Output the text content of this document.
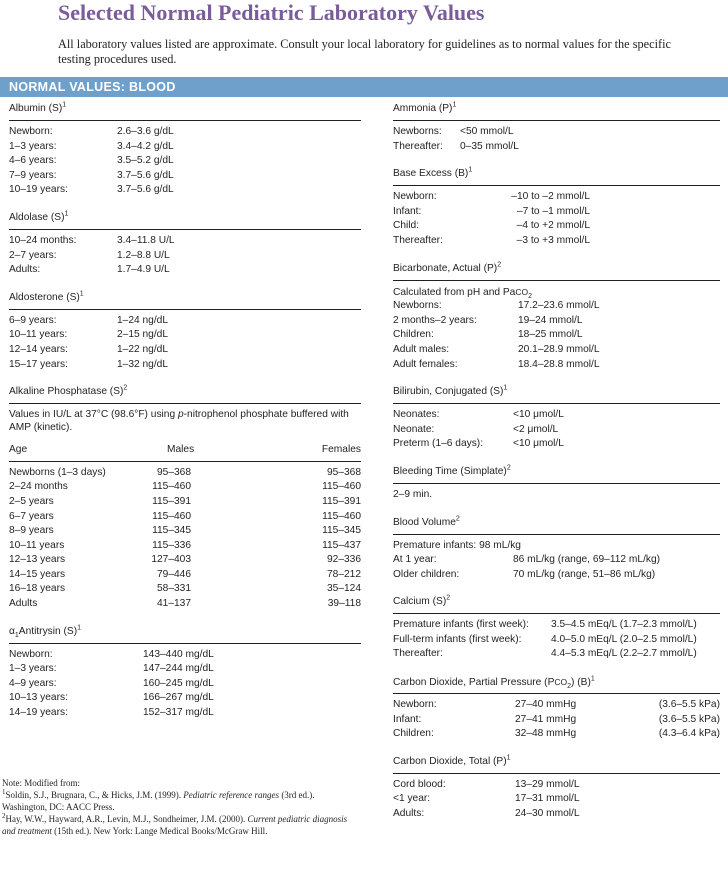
Selected Normal Pediatric Laboratory Values
All laboratory values listed are approximate. Consult your local laboratory for guidelines as to normal values for the specific testing procedures used.
NORMAL VALUES: BLOOD
Albumin $(S)^1$
Newborn:	2.6–3.6 g/dL
1–3 years:	3.4–4.2 g/dL
4–6 years:	3.5–5.2 g/dL
7–9 years:	3.7–5.6 g/dL
10–19 years:	3.7–5.6 g/dL
Aldolase $(S)^1$
10–24 months:	3.4–11.8 U/L
2–7 years:	1.2–8.8 U/L
Adults:	1.7–4.9 U/L
Aldosterone $(S)^1$
6–9 years:	1–24 ng/dL
10–11 years:	2–15 ng/dL
12–14 years:	1–22 ng/dL
15–17 years:	1–32 ng/dL
Alkaline Phosphatase $(S)^2$
Values in IU/L at 37°C (98.6°F) using p-nitrophenol phosphate buffered with AMP (kinetic).
Age	Males	Females
Newborns (1–3 days)	95–368	95–368
2–24 months	115–460	115–460
2–5 years	115–391	115–391
6–7 years	115–460	115–460
8–9 years	115–345	115–345
10–11 years	115–336	115–437
12–13 years	127–403	92–336
14–15 years	79–446	78–212
16–18 years	58–331	35–124
Adults	41–137	39–118
$\alpha_1Antitrysin$ $(S)^1$
Newborn:	143–440 mg/dL
1–3 years:	147–244 mg/dL
4–9 years:	160–245 mg/dL
10–13 years:	166–267 mg/dL
14–19 years:	152–317 mg/dL
Note: Modified from:
$^1$Soldin, S.J., Brugnara, C., & Hicks, J.M. (1999). Pediatric reference ranges (3rd ed.). Washington, DC: AACC Press.
$^2$Hay, W.W., Hayward, A.R., Levin, M.J., Sondheimer, J.M. (2000). Current pediatric diagnosis and treatment (15th ed.). New York: Lange Medical Books/McGraw Hill.
Ammonia $(P)^1$
Newborns: <50 mmol/L
Thereafter: 0–35 mmol/L
Base Excess $(B)^1$
Newborn:	–10 to –2 mmol/L
Infant:	–7 to –1 mmol/L
Child:	–4 to +2 mmol/L
Thereafter:	–3 to +3 mmol/L
Bicarbonate, Actual $(P)^2$
Calculated from pH and PaCO$_2$
Newborns:	17.2–23.6 mmol/L
2 months–2 years:	19–24 mmol/L
Children:	18–25 mmol/L
Adult males:	20.1–28.9 mmol/L
Adult females:	18.4–28.8 mmol/L
Bilirubin, Conjugated $(S)^1$
Neonates:	<10 μmol/L
Neonate:	<2 μmol/L
Preterm (1–6 days):	<10 μmol/L
Bleeding Time (Simplate)$^2$
2–9 min.
Blood Volume$^2$
Premature infants: 98 mL/kg
At 1 year:	86 mL/kg (range, 69–112 mL/kg)
Older children:	70 mL/kg (range, 51–86 mL/kg)
Calcium $(S)^2$
Premature infants (first week): 3.5–4.5 mEq/L (1.7–2.3 mmol/L)
Full-term infants (first week):	4.0–5.0 mEq/L (2.0–2.5 mmol/L)
Thereafter:	4.4–5.3 mEq/L (2.2–2.7 mmol/L)
Carbon Dioxide, Partial Pressure $(PCO_2)$ $(B)^1$
Newborn:	27–40 mmHg	(3.6–5.5 kPa)
Infant:	27–41 mmHg	(3.6–5.5 kPa)
Children:	32–48 mmHg	(4.3–6.4 kPa)
Carbon Dioxide, Total $(P)^1$
Cord blood:	13–29 mmol/L
<1 year:	17–31 mmol/L
Adults:	24–30 mmol/L
